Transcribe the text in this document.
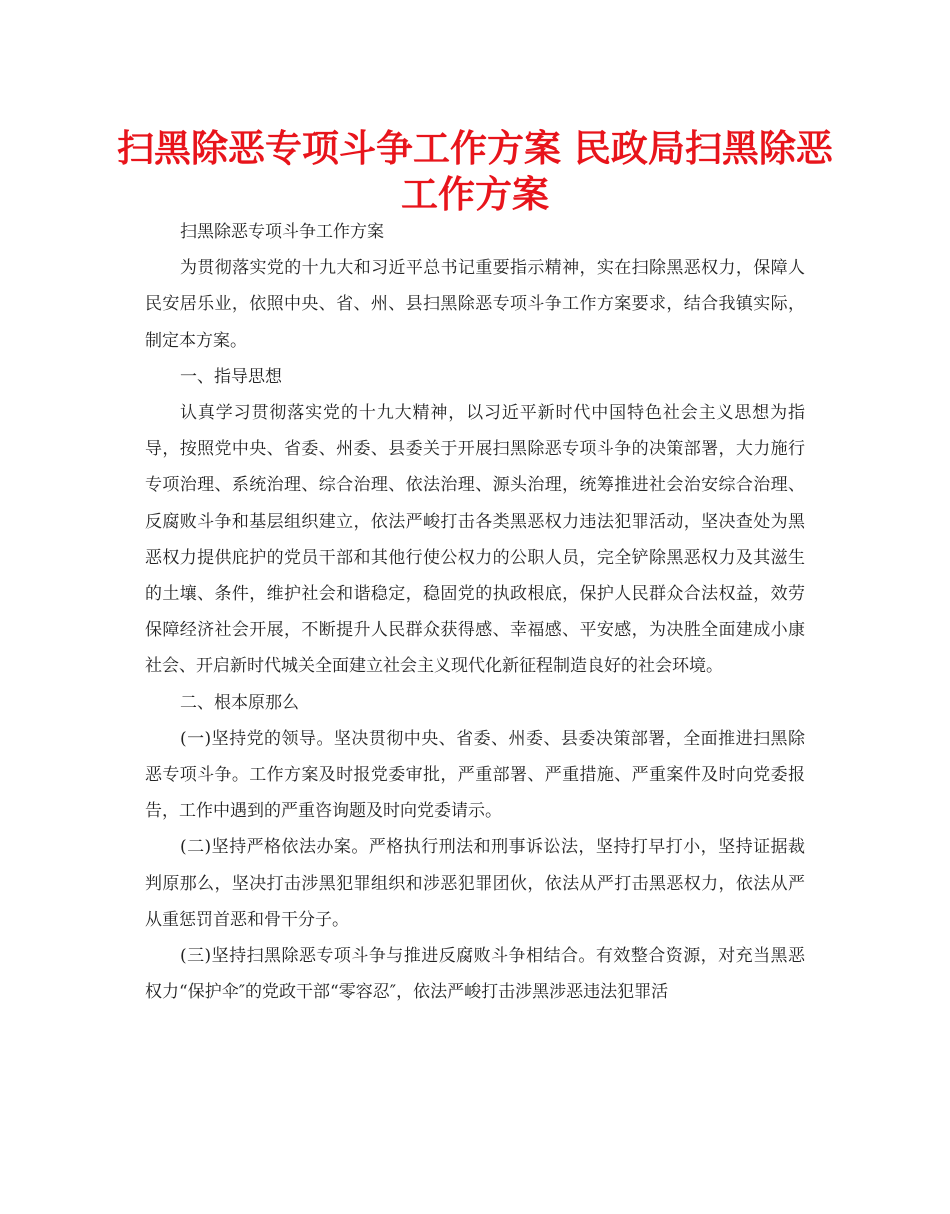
扫黑除恶专项斗争工作方案 民政局扫黑除恶工作方案

扫黑除恶专项斗争工作方案

为贯彻落实党的十九大和习近平总书记重要指示精神，实在扫除黑恶权力，保障人民安居乐业，依照中央、省、州、县扫黑除恶专项斗争工作方案要求，结合我镇实际，制定本方案。

一、指导思想

认真学习贯彻落实党的十九大精神，以习近平新时代中国特色社会主义思想为指导，按照党中央、省委、州委、县委关于开展扫黑除恶专项斗争的决策部署，大力施行专项治理、系统治理、综合治理、依法治理、源头治理，统筹推进社会治安综合治理、反腐败斗争和基层组织建立，依法严峻打击各类黑恶权力违法犯罪活动，坚决查处为黑恶权力提供庇护的党员干部和其他行使公权力的公职人员，完全铲除黑恶权力及其滋生的土壤、条件，维护社会和谐稳定，稳固党的执政根底，保护人民群众合法权益，效劳保障经济社会开展，不断提升人民群众获得感、幸福感、平安感，为决胜全面建成小康社会、开启新时代城关全面建立社会主义现代化新征程制造良好的社会环境。

二、根本原那么

(一)坚持党的领导。坚决贯彻中央、省委、州委、县委决策部署，全面推进扫黑除恶专项斗争。工作方案及时报党委审批，严重部署、严重措施、严重案件及时向党委报告，工作中遇到的严重咨询题及时向党委请示。

(二)坚持严格依法办案。严格执行刑法和刑事诉讼法，坚持打早打小，坚持证据裁判原那么，坚决打击涉黑犯罪组织和涉恶犯罪团伙，依法从严打击黑恶权力，依法从严从重惩罚首恶和骨干分子。

(三)坚持扫黑除恶专项斗争与推进反腐败斗争相结合。有效整合资源，对充当黑恶权力“保护伞″的党政干部“零容忍″，依法严峻打击涉黑涉恶违法犯罪活
